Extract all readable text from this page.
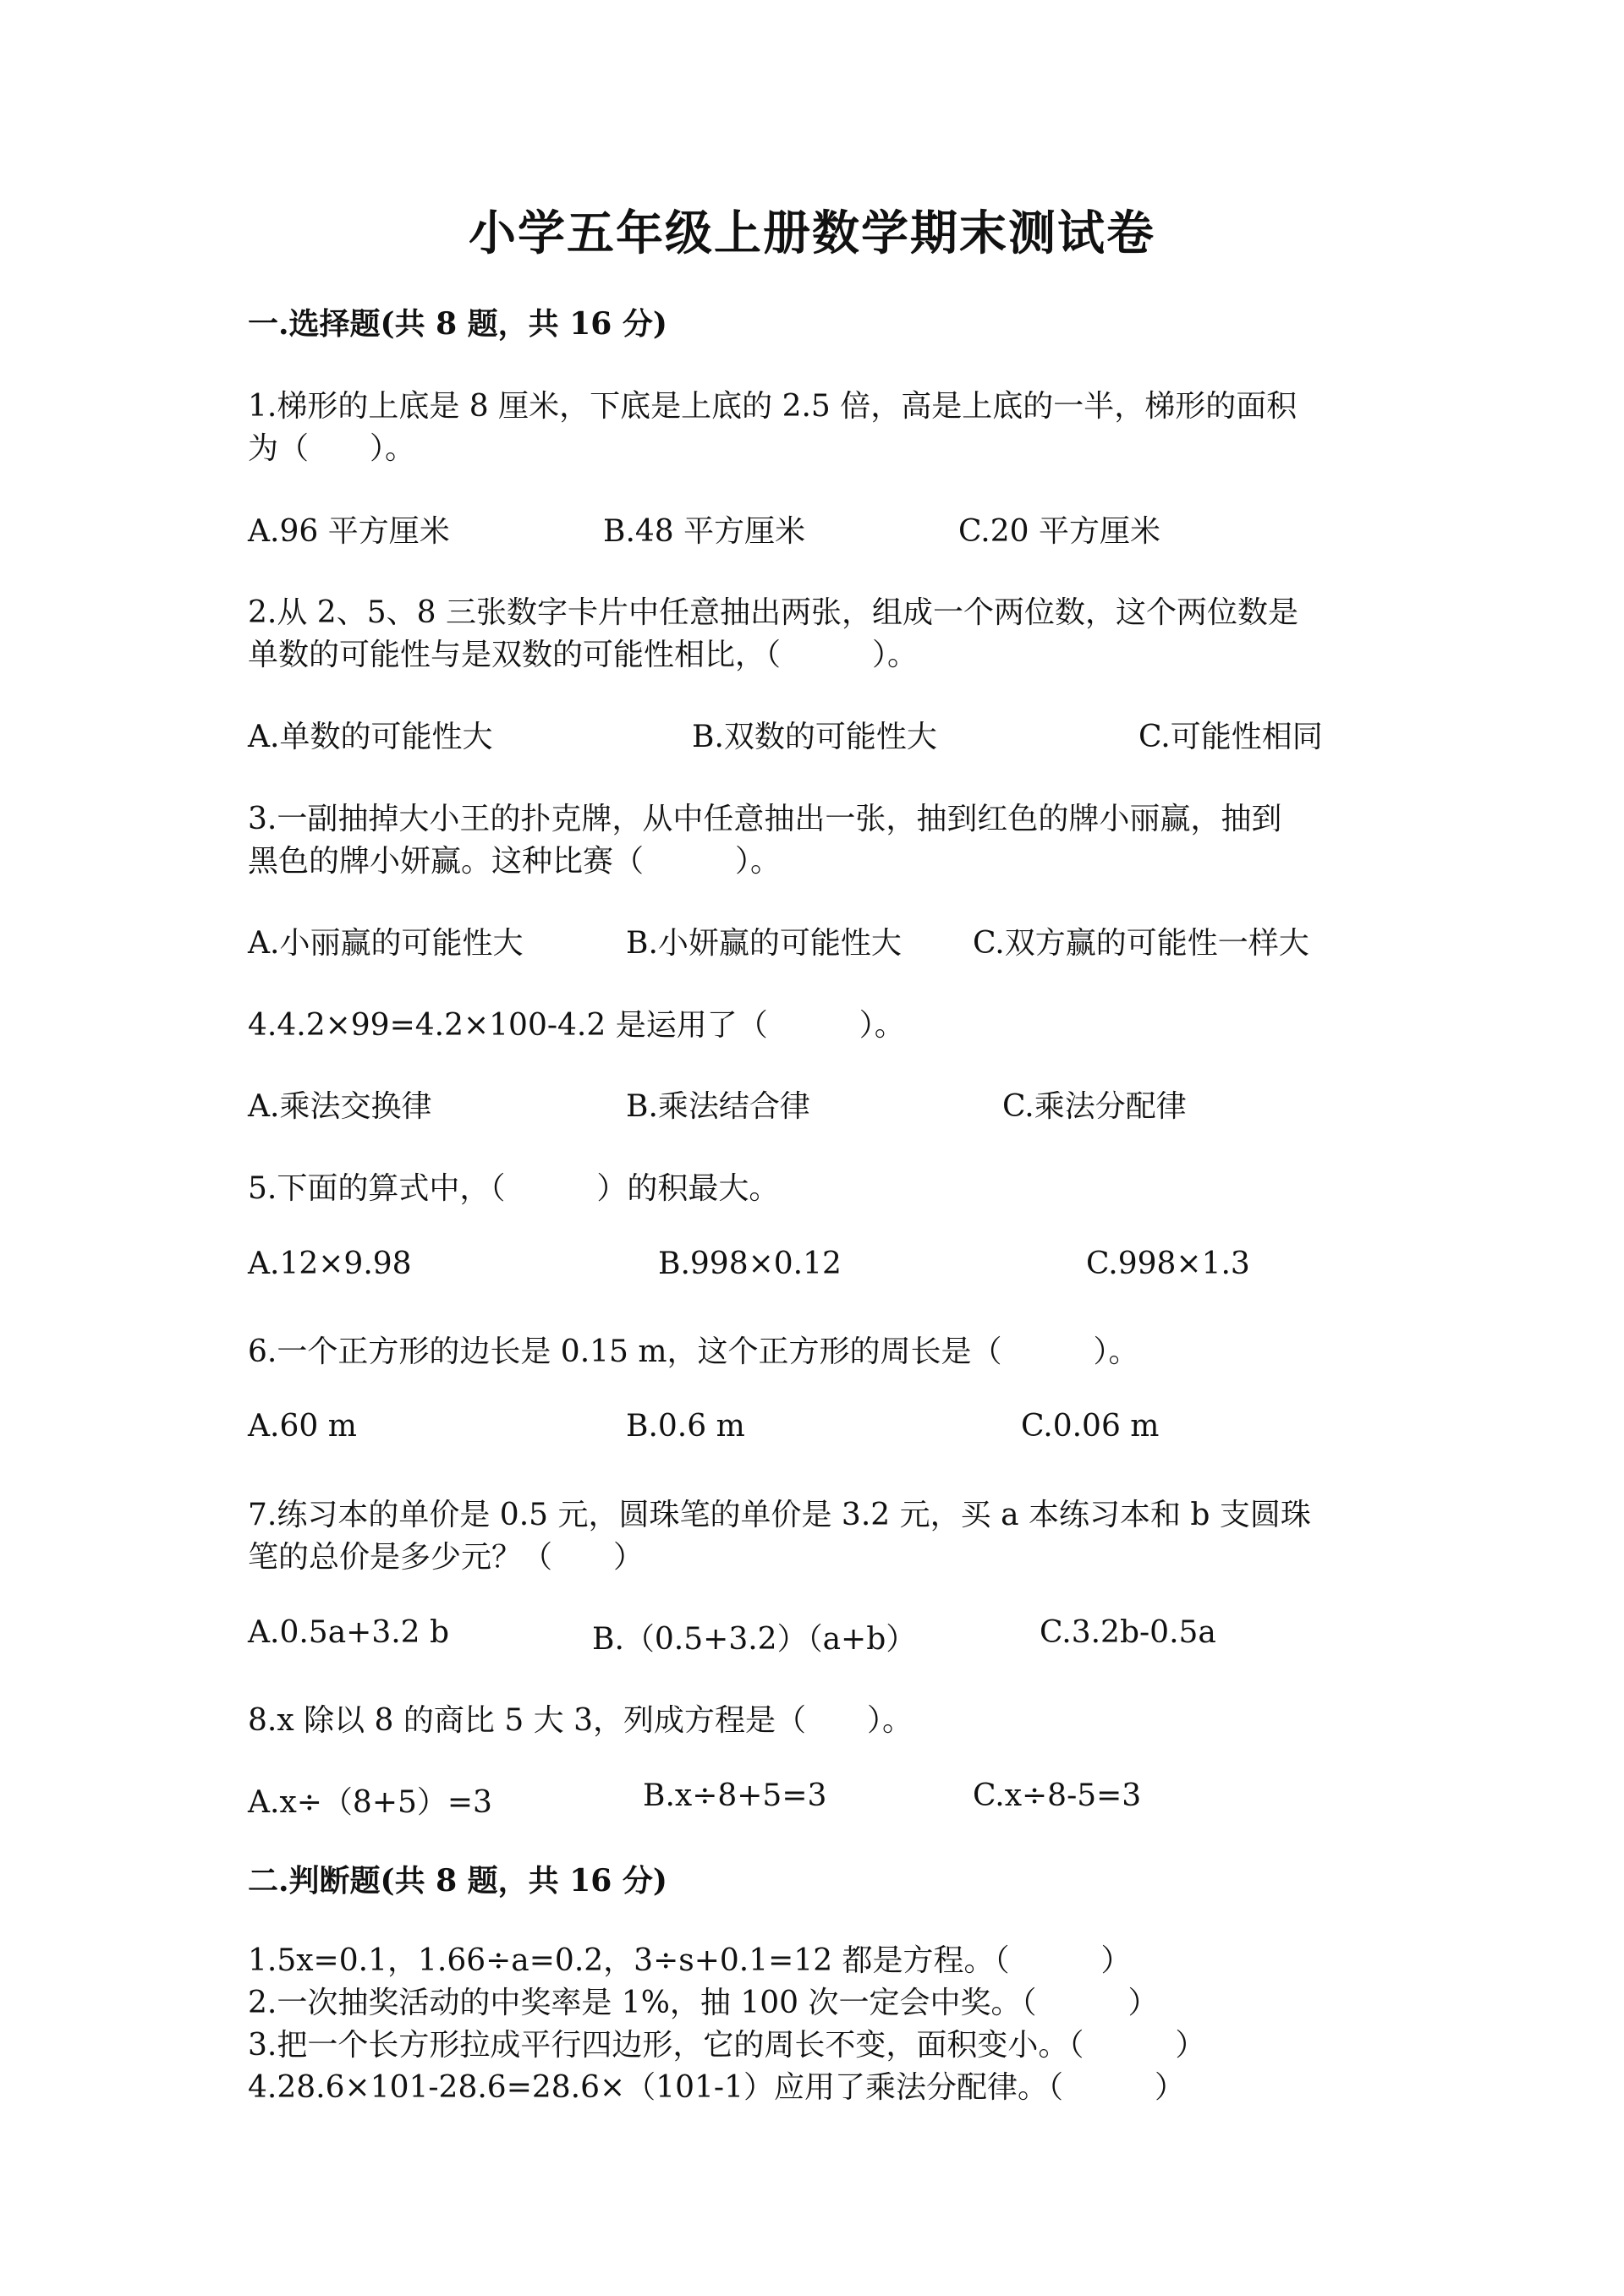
小学五年级上册数学期末测试卷
一.选择题(共 8 题，共 16 分)
1.梯形的上底是 8 厘米，下底是上底的 2.5 倍，高是上底的一半，梯形的面积
为（　　）。
A.96 平方厘米	B.48 平方厘米	C.20 平方厘米
2.从 2、5、8 三张数字卡片中任意抽出两张，组成一个两位数，这个两位数是
单数的可能性与是双数的可能性相比，（　　　）。
A.单数的可能性大	B.双数的可能性大	C.可能性相同
3.一副抽掉大小王的扑克牌，从中任意抽出一张，抽到红色的牌小丽赢，抽到
黑色的牌小妍赢。这种比赛（　　　）。
A.小丽赢的可能性大	B.小妍赢的可能性大 C.双方赢的可能性一样大
4.4.2×99=4.2×100-4.2 是运用了（　　　）。
A.乘法交换律	B.乘法结合律	C.乘法分配律
5.下面的算式中，（　　　）的积最大。
A.12×9.98	B.998×0.12	C.998×1.3
6.一个正方形的边长是 0.15 m，这个正方形的周长是（　　　）。
A.60 m	B.0.6 m	C.0.06 m
7.练习本的单价是 0.5 元，圆珠笔的单价是 3.2 元，买 a 本练习本和 b 支圆珠
笔的总价是多少元？（　　）
A.0.5a+3.2 b	B.（0.5+3.2）（a+b）	C.3.2b-0.5a
8.x 除以 8 的商比 5 大 3，列成方程是（　　）。
A.x÷（8+5）=3	B.x÷8+5=3	C.x÷8-5=3
二.判断题(共 8 题，共 16 分)
1.5x=0.1，1.66÷a=0.2，3÷s+0.1=12 都是方程。（　　　）
2.一次抽奖活动的中奖率是 1%，抽 100 次一定会中奖。（　　　）
3.把一个长方形拉成平行四边形，它的周长不变，面积变小。（　　　）
4.28.6×101-28.6=28.6×（101-1）应用了乘法分配律。（　　　）
